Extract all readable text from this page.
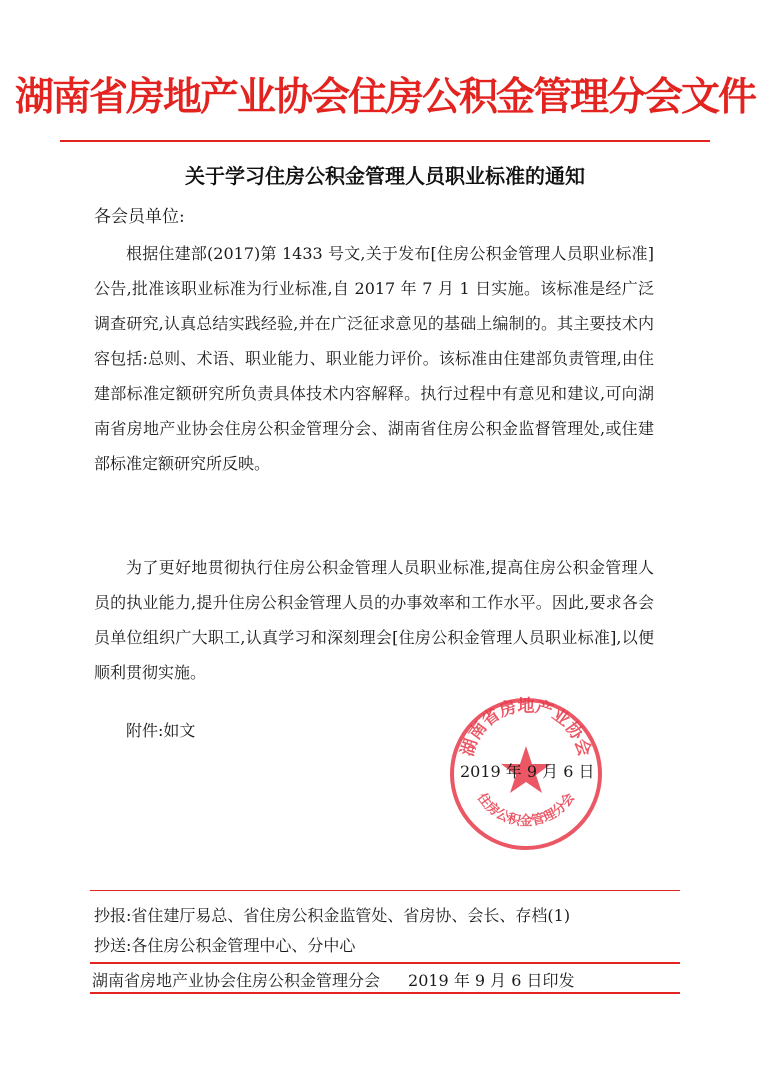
湖南省房地产业协会住房公积金管理分会文件
关于学习住房公积金管理人员职业标准的通知
各会员单位:

根据住建部(2017)第 1433 号文,关于发布[住房公积金管理人员职业标准]公告,批准该职业标准为行业标准,自 2017 年 7 月 1 日实施。该标准是经广泛调查研究,认真总结实践经验,并在广泛征求意见的基础上编制的。其主要技术内容包括:总则、术语、职业能力、职业能力评价。该标准由住建部负责管理,由住建部标准定额研究所负责具体技术内容解释。执行过程中有意见和建议,可向湖南省房地产业协会住房公积金管理分会、湖南省住房公积金监督管理处,或住建部标准定额研究所反映。

为了更好地贯彻执行住房公积金管理人员职业标准,提高住房公积金管理人员的执业能力,提升住房公积金管理人员的办事效率和工作水平。因此,要求各会员单位组织广大职工,认真学习和深刻理会[住房公积金管理人员职业标准],以便顺利贯彻实施。

附件:如文
湖南省房地产业协会
住房公积金管理分会
2019 年 9 月 6 日
抄报:省住建厅易总、省住房公积金监管处、省房协、会长、存档(1)
抄送:各住房公积金管理中心、分中心
湖南省房地产业协会住房公积金管理分会 2019 年 9 月 6 日印发
